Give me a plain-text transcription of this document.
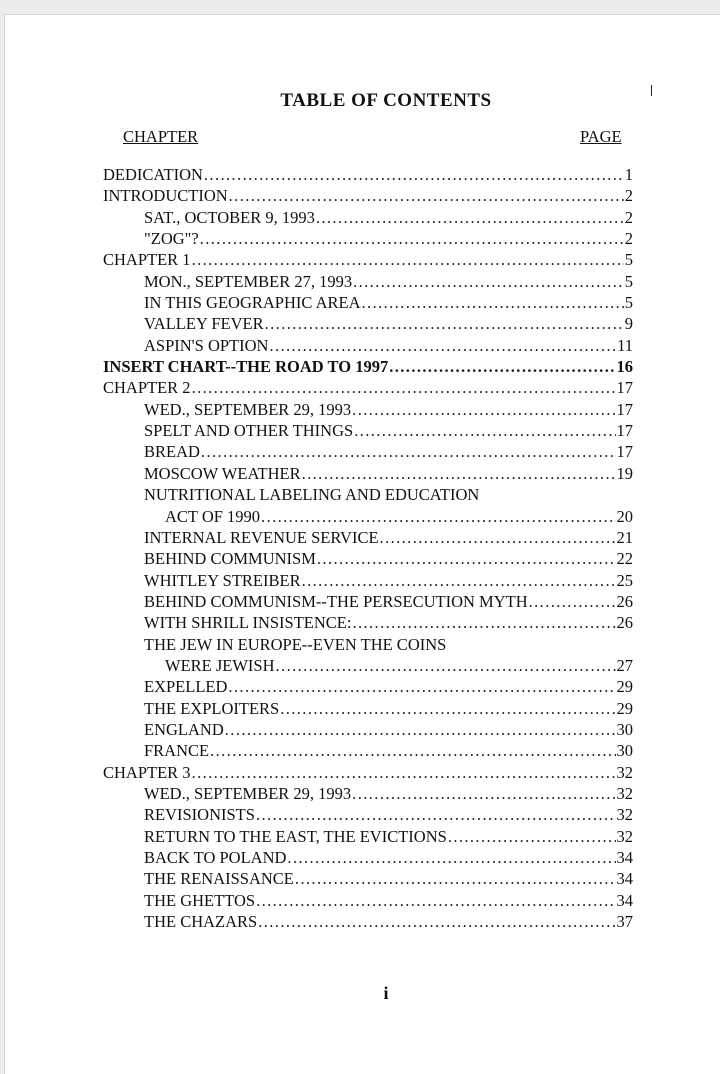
TABLE OF CONTENTS
CHAPTER	PAGE
DEDICATION .....	1
INTRODUCTION .....	2
SAT., OCTOBER 9, 1993 .....	2
"ZOG"? .....	2
CHAPTER 1 .....	5
MON., SEPTEMBER 27, 1993 .....	5
IN THIS GEOGRAPHIC AREA .....	5
VALLEY FEVER .....	9
ASPIN'S OPTION .....	11
INSERT CHART--THE ROAD TO 1997 .....	16
CHAPTER 2 .....	17
WED., SEPTEMBER 29, 1993 .....	17
SPELT AND OTHER THINGS .....	17
BREAD .....	17
MOSCOW WEATHER .....	19
NUTRITIONAL LABELING AND EDUCATION
ACT OF 1990 .....	20
INTERNAL REVENUE SERVICE .....	21
BEHIND COMMUNISM .....	22
WHITLEY STREIBER .....	25
BEHIND COMMUNISM--THE PERSECUTION MYTH .....	26
WITH SHRILL INSISTENCE: .....	26
THE JEW IN EUROPE--EVEN THE COINS
WERE JEWISH .....	27
EXPELLED .....	29
THE EXPLOITERS .....	29
ENGLAND .....	30
FRANCE .....	30
CHAPTER 3 .....	32
WED., SEPTEMBER 29, 1993 .....	32
REVISIONISTS .....	32
RETURN TO THE EAST, THE EVICTIONS .....	32
BACK TO POLAND .....	34
THE RENAISSANCE .....	34
THE GHETTOS .....	34
THE CHAZARS .....	37
i
